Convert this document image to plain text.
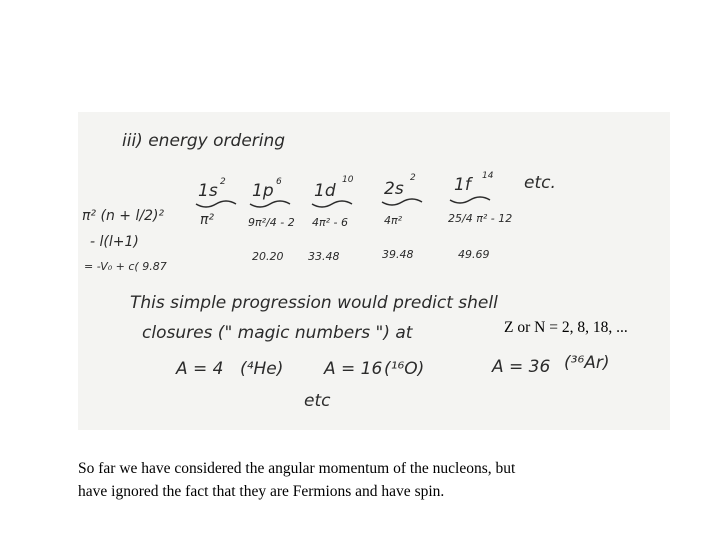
iii) energy ordering
π² (n + l/2)²
- l(l+1)
= -V₀ + c( 9.87
1s 2
π²
20.20
1p 6
9π²/4 - 2
1d
10
4π² - 6
33.48
2s
2
4π²
39.48
1f	14
25/4 π² - 12
49.69
etc.
This simple progression would predict shell
closures (" magic numbers ") at
A = 4 (⁴He) A = 16 (¹⁶O)	A = 36 (³⁶Ar)
etc
Z or N = 2, 8, 18, ...
So far we have considered the angular momentum of the nucleons, but
have ignored the fact that they are Fermions and have spin.
